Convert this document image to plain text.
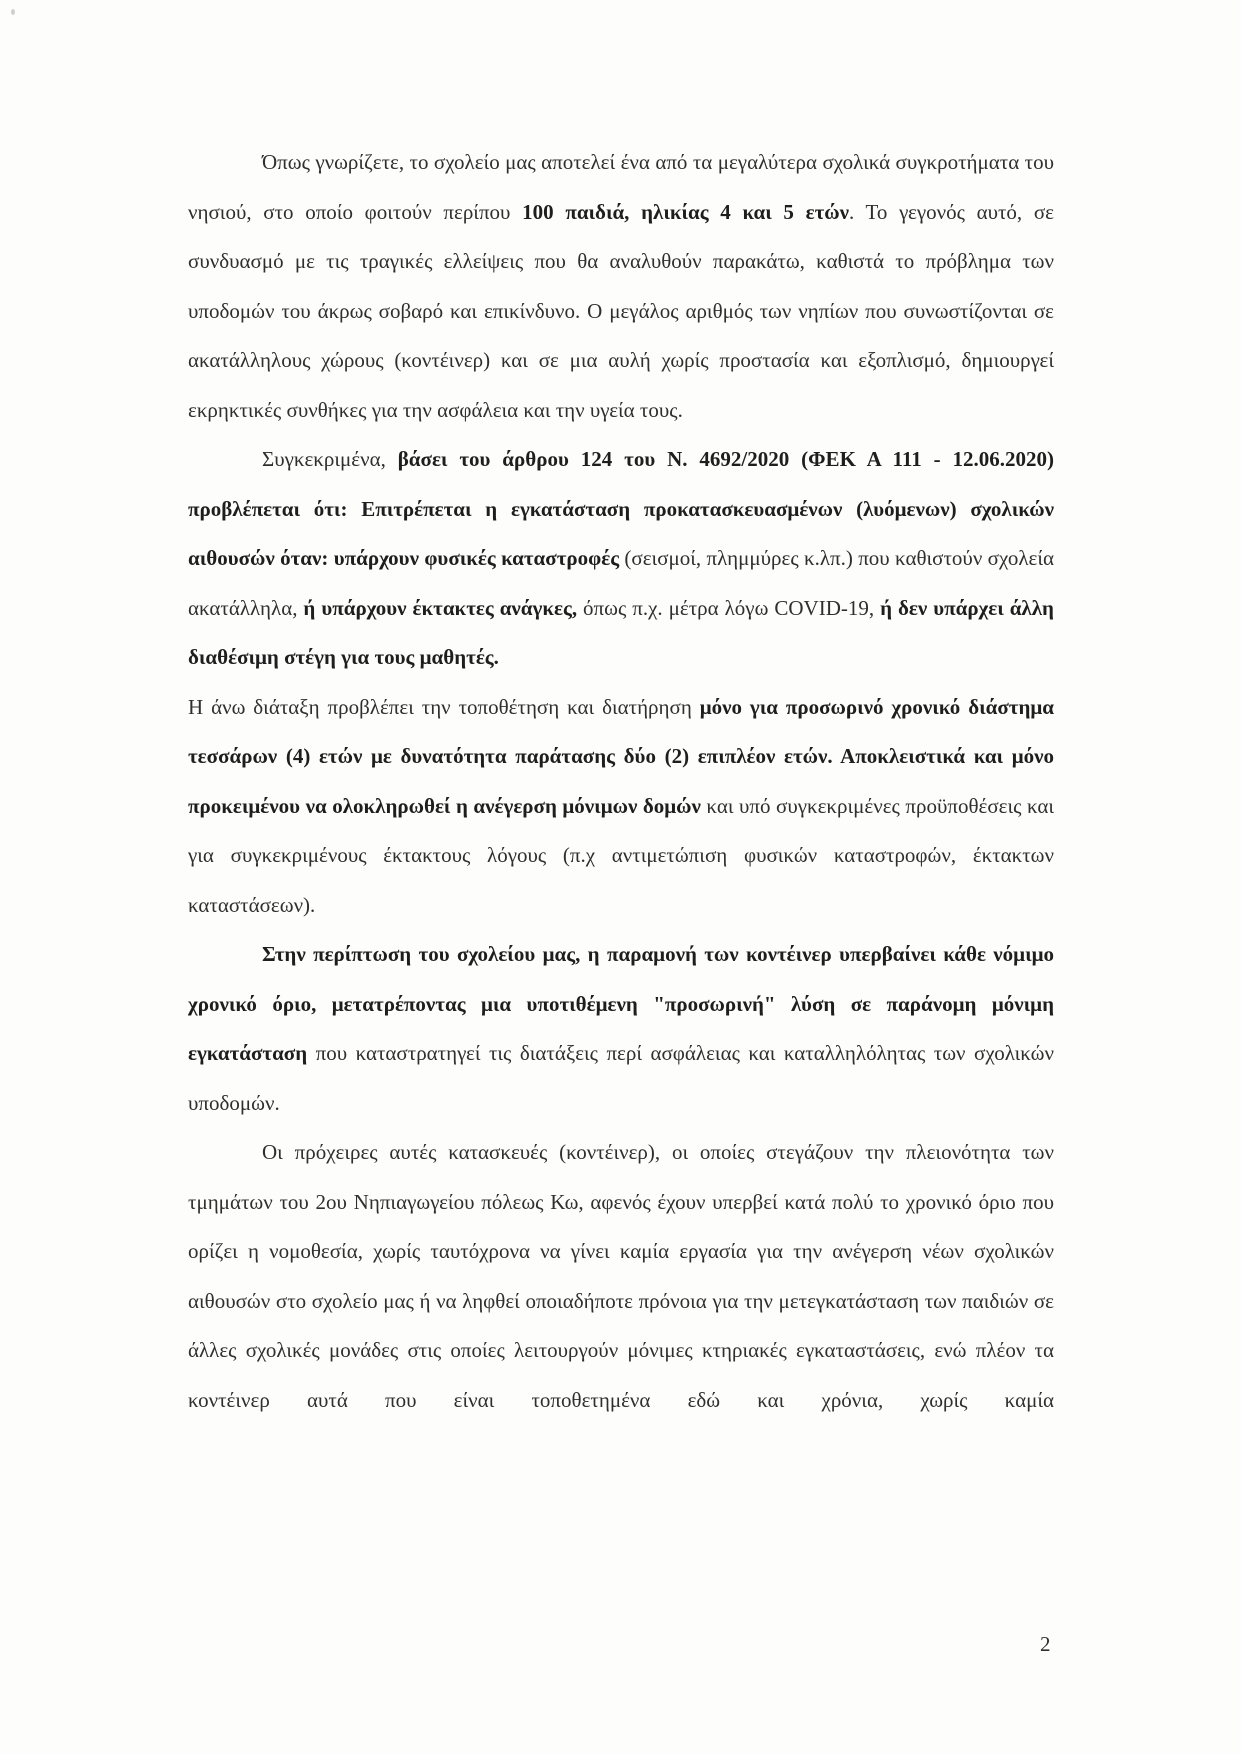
Όπως γνωρίζετε, το σχολείο μας αποτελεί ένα από τα μεγαλύτερα σχολικά συγκροτήματα του νησιού, στο οποίο φοιτούν περίπου 100 παιδιά, ηλικίας 4 και 5 ετών. Το γεγονός αυτό, σε συνδυασμό με τις τραγικές ελλείψεις που θα αναλυθούν παρακάτω, καθιστά το πρόβλημα των υποδομών του άκρως σοβαρό και επικίνδυνο. Ο μεγάλος αριθμός των νηπίων που συνωστίζονται σε ακατάλληλους χώρους (κοντέινερ) και σε μια αυλή χωρίς προστασία και εξοπλισμό, δημιουργεί εκρηκτικές συνθήκες για την ασφάλεια και την υγεία τους.

Συγκεκριμένα, βάσει του άρθρου 124 του Ν. 4692/2020 (ΦΕΚ Α 111 - 12.06.2020) προβλέπεται ότι: Επιτρέπεται η εγκατάσταση προκατασκευασμένων (λυόμενων) σχολικών αιθουσών όταν: υπάρχουν φυσικές καταστροφές (σεισμοί, πλημμύρες κ.λπ.) που καθιστούν σχολεία ακατάλληλα, ή υπάρχουν έκτακτες ανάγκες, όπως π.χ. μέτρα λόγω COVID-19, ή δεν υπάρχει άλλη διαθέσιμη στέγη για τους μαθητές.

Η άνω διάταξη προβλέπει την τοποθέτηση και διατήρηση μόνο για προσωρινό χρονικό διάστημα τεσσάρων (4) ετών με δυνατότητα παράτασης δύο (2) επιπλέον ετών. Αποκλειστικά και μόνο προκειμένου να ολοκληρωθεί η ανέγερση μόνιμων δομών και υπό συγκεκριμένες προϋποθέσεις και για συγκεκριμένους έκτακτους λόγους (π.χ αντιμετώπιση φυσικών καταστροφών, έκτακτων καταστάσεων).

Στην περίπτωση του σχολείου μας, η παραμονή των κοντέινερ υπερβαίνει κάθε νόμιμο χρονικό όριο, μετατρέποντας μια υποτιθέμενη "προσωρινή" λύση σε παράνομη μόνιμη εγκατάσταση που καταστρατηγεί τις διατάξεις περί ασφάλειας και καταλληλόλητας των σχολικών υποδομών.

Οι πρόχειρες αυτές κατασκευές (κοντέινερ), οι οποίες στεγάζουν την πλειονότητα των τμημάτων του 2ου Νηπιαγωγείου πόλεως Κω, αφενός έχουν υπερβεί κατά πολύ το χρονικό όριο που ορίζει η νομοθεσία, χωρίς ταυτόχρονα να γίνει καμία εργασία για την ανέγερση νέων σχολικών αιθουσών στο σχολείο μας ή να ληφθεί οποιαδήποτε πρόνοια για την μετεγκατάσταση των παιδιών σε άλλες σχολικές μονάδες στις οποίες λειτουργούν μόνιμες κτηριακές εγκαταστάσεις, ενώ πλέον τα κοντέινερ αυτά που είναι τοποθετημένα εδώ και χρόνια, χωρίς καμία

2
